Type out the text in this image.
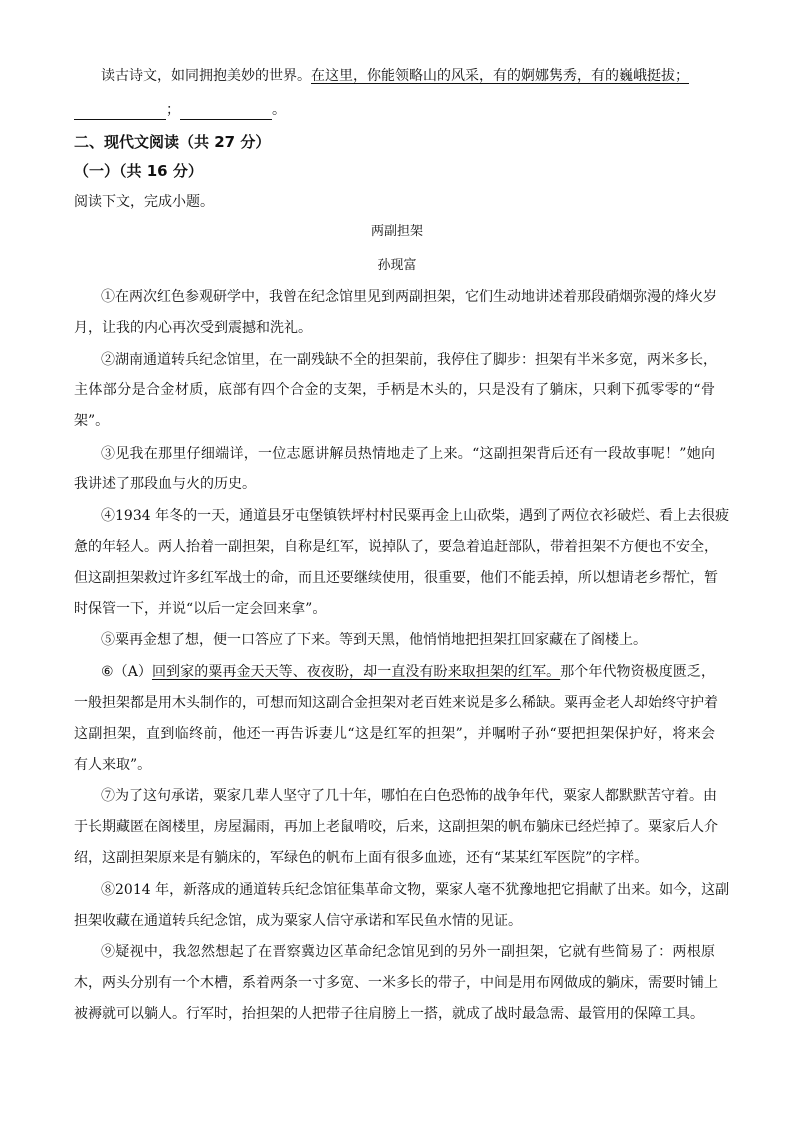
读古诗文，如同拥抱美妙的世界。在这里，你能领略山的风采，有的婀娜隽秀，有的巍峨挺拔；
；	。
二、现代文阅读（共 27 分）
（一）（共 16 分）
阅读下文，完成小题。
两副担架
孙现富
①在两次红色参观研学中，我曾在纪念馆里见到两副担架，它们生动地讲述着那段硝烟弥漫的烽火岁
月，让我的内心再次受到震撼和洗礼。
②湖南通道转兵纪念馆里，在一副残缺不全的担架前，我停住了脚步：担架有半米多宽，两米多长，
主体部分是合金材质，底部有四个合金的支架，手柄是木头的，只是没有了躺床，只剩下孤零零的“骨
架”。
③见我在那里仔细端详，一位志愿讲解员热情地走了上来。“这副担架背后还有一段故事呢！”她向
我讲述了那段血与火的历史。
④1934 年冬的一天，通道县牙屯堡镇铁坪村村民粟再金上山砍柴，遇到了两位衣衫破烂、看上去很疲
惫的年轻人。两人抬着一副担架，自称是红军，说掉队了，要急着追赶部队，带着担架不方便也不安全，
但这副担架救过许多红军战士的命，而且还要继续使用，很重要，他们不能丢掉，所以想请老乡帮忙，暂
时保管一下，并说“以后一定会回来拿”。
⑤粟再金想了想，便一口答应了下来。等到天黑，他悄悄地把担架扛回家藏在了阁楼上。
⑥（A）回到家的粟再金天天等、夜夜盼，却一直没有盼来取担架的红军。那个年代物资极度匮乏，
一般担架都是用木头制作的，可想而知这副合金担架对老百姓来说是多么稀缺。粟再金老人却始终守护着
这副担架，直到临终前，他还一再告诉妻儿“这是红军的担架”，并嘱咐子孙“要把担架保护好，将来会
有人来取”。
⑦为了这句承诺，粟家几辈人坚守了几十年，哪怕在白色恐怖的战争年代，粟家人都默默苦守着。由
于长期藏匿在阁楼里，房屋漏雨，再加上老鼠啃咬，后来，这副担架的帆布躺床已经烂掉了。粟家后人介
绍，这副担架原来是有躺床的，军绿色的帆布上面有很多血迹，还有“某某红军医院”的字样。
⑧2014 年，新落成的通道转兵纪念馆征集革命文物，粟家人毫不犹豫地把它捐献了出来。如今，这副
担架收藏在通道转兵纪念馆，成为粟家人信守承诺和军民鱼水情的见证。
⑨疑视中，我忽然想起了在晋察冀边区革命纪念馆见到的另外一副担架，它就有些简易了：两根原
木，两头分别有一个木槽，系着两条一寸多宽、一米多长的带子，中间是用布网做成的躺床，需要时铺上
被褥就可以躺人。行军时，抬担架的人把带子往肩膀上一搭，就成了战时最急需、最管用的保障工具。
